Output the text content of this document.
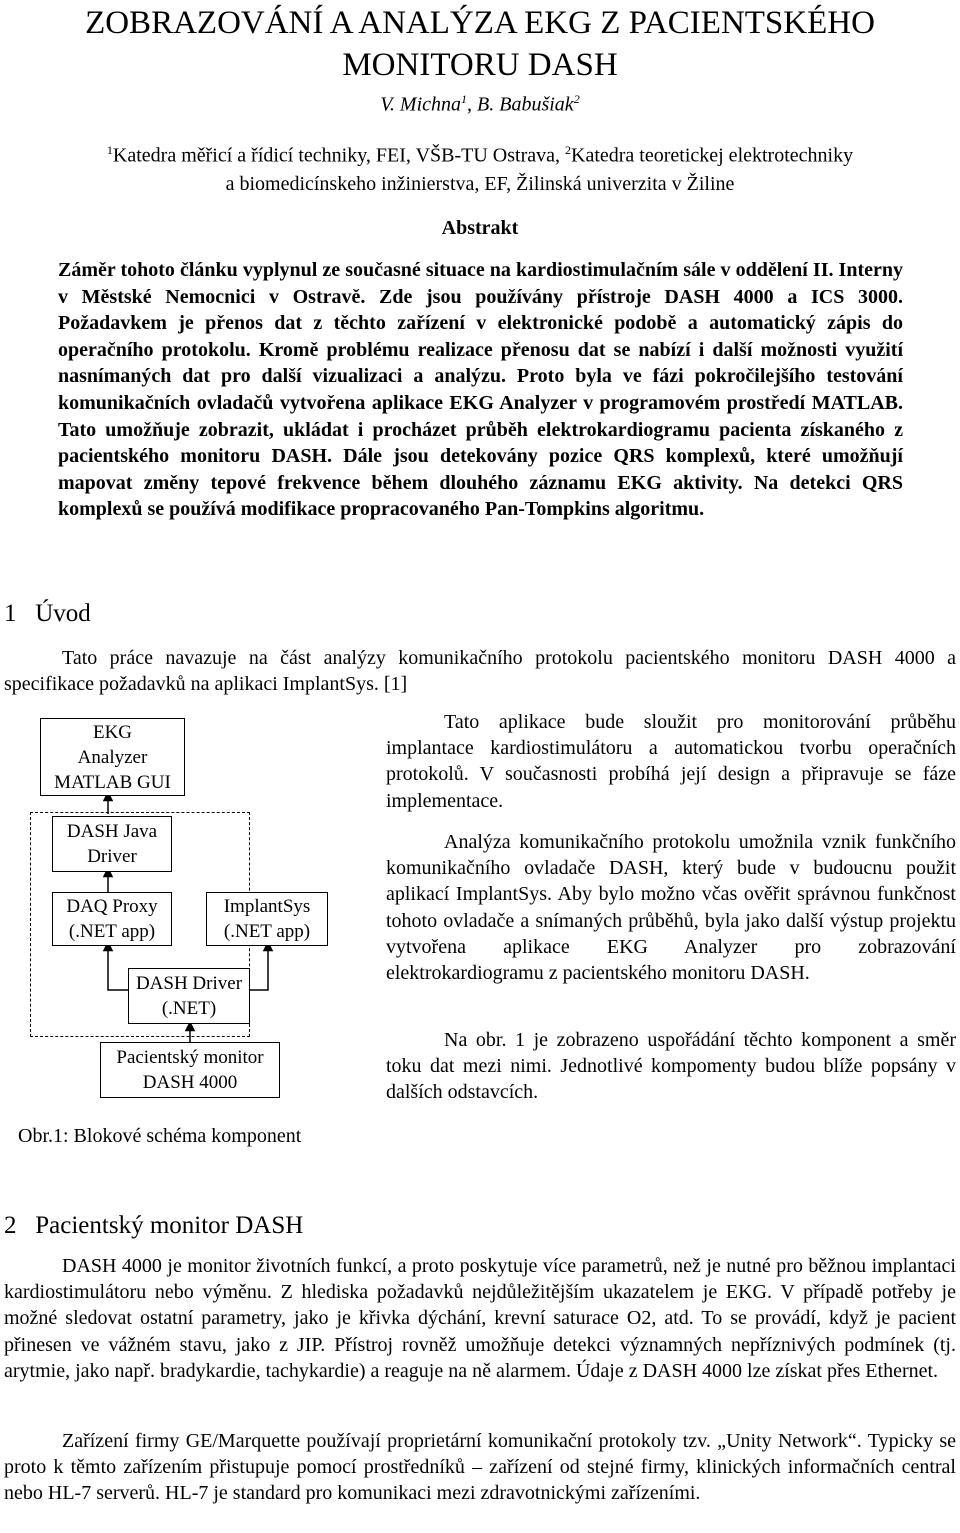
ZOBRAZOVÁNÍ A ANALÝZA EKG Z PACIENTSKÉHO
MONITORU DASH
V. Michna$^1$, B. Babušiak$^2$
$^1$Katedra měřicí a řídicí techniky, FEI, VŠB-TU Ostrava, $^2$Katedra teoretickej elektrotechniky
a biomedicínskeho inžinierstva, EF, Žilinská univerzita v Žiline
Abstrakt
Záměr tohoto článku vyplynul ze současné situace na kardiostimulačním sále v oddělení II. Interny v Městské Nemocnici v Ostravě. Zde jsou používány přístroje DASH 4000 a ICS 3000. Požadavkem je přenos dat z těchto zařízení v elektronické podobě a automatický zápis do operačního protokolu. Kromě problému realizace přenosu dat se nabízí i další možnosti využití nasnímaných dat pro další vizualizaci a analýzu. Proto byla ve fázi pokročilejšího testování komunikačních ovladačů vytvořena aplikace EKG Analyzer v programovém prostředí MATLAB. Tato umožňuje zobrazit, ukládat i procházet průběh elektrokardiogramu pacienta získaného z pacientského monitoru DASH. Dále jsou detekovány pozice QRS komplexů, které umožňují mapovat změny tepové frekvence během dlouhého záznamu EKG aktivity. Na detekci QRS komplexů se používá modifikace propracovaného Pan-Tompkins algoritmu.
1 Úvod
Tato práce navazuje na část analýzy komunikačního protokolu pacientského monitoru DASH 4000 a specifikace požadavků na aplikaci ImplantSys. [1]
EKG
Analyzer
MATLAB GUI
DASH Java
Driver
DAQ Proxy
(.NET app)
ImplantSys
(.NET app)
DASH Driver
(.NET)
Pacientský monitor
DASH 4000
Tato aplikace bude sloužit pro monitorování průběhu implantace kardiostimulátoru a automatickou tvorbu operačních protokolů. V současnosti probíhá její design a připravuje se fáze implementace.
Analýza komunikačního protokolu umožnila vznik funkčního komunikačního ovladače DASH, který bude v budoucnu použit aplikací ImplantSys. Aby bylo možno včas ověřit správnou funkčnost tohoto ovladače a snímaných průběhů, byla jako další výstup projektu vytvořena aplikace EKG Analyzer pro zobrazování elektrokardiogramu z pacientského monitoru DASH.
Na obr. 1 je zobrazeno uspořádání těchto komponent a směr toku dat mezi nimi. Jednotlivé kompomenty budou blíže popsány v dalších odstavcích.
Obr.1: Blokové schéma komponent
2 Pacientský monitor DASH
DASH 4000 je monitor životních funkcí, a proto poskytuje více parametrů, než je nutné pro běžnou implantaci kardiostimulátoru nebo výměnu. Z hlediska požadavků nejdůležitějším ukazatelem je EKG. V případě potřeby je možné sledovat ostatní parametry, jako je křivka dýchání, krevní saturace O2, atd. To se provádí, když je pacient přinesen ve vážném stavu, jako z JIP. Přístroj rovněž umožňuje detekci významných nepříznivých podmínek (tj. arytmie, jako např. bradykardie, tachykardie) a reaguje na ně alarmem. Údaje z DASH 4000 lze získat přes Ethernet.
Zařízení firmy GE/Marquette používají proprietární komunikační protokoly tzv. „Unity Network“. Typicky se proto k těmto zařízením přistupuje pomocí prostředníků – zařízení od stejné firmy, klinických informačních central nebo HL-7 serverů. HL-7 je standard pro komunikaci mezi zdravotnickými zařízeními.
